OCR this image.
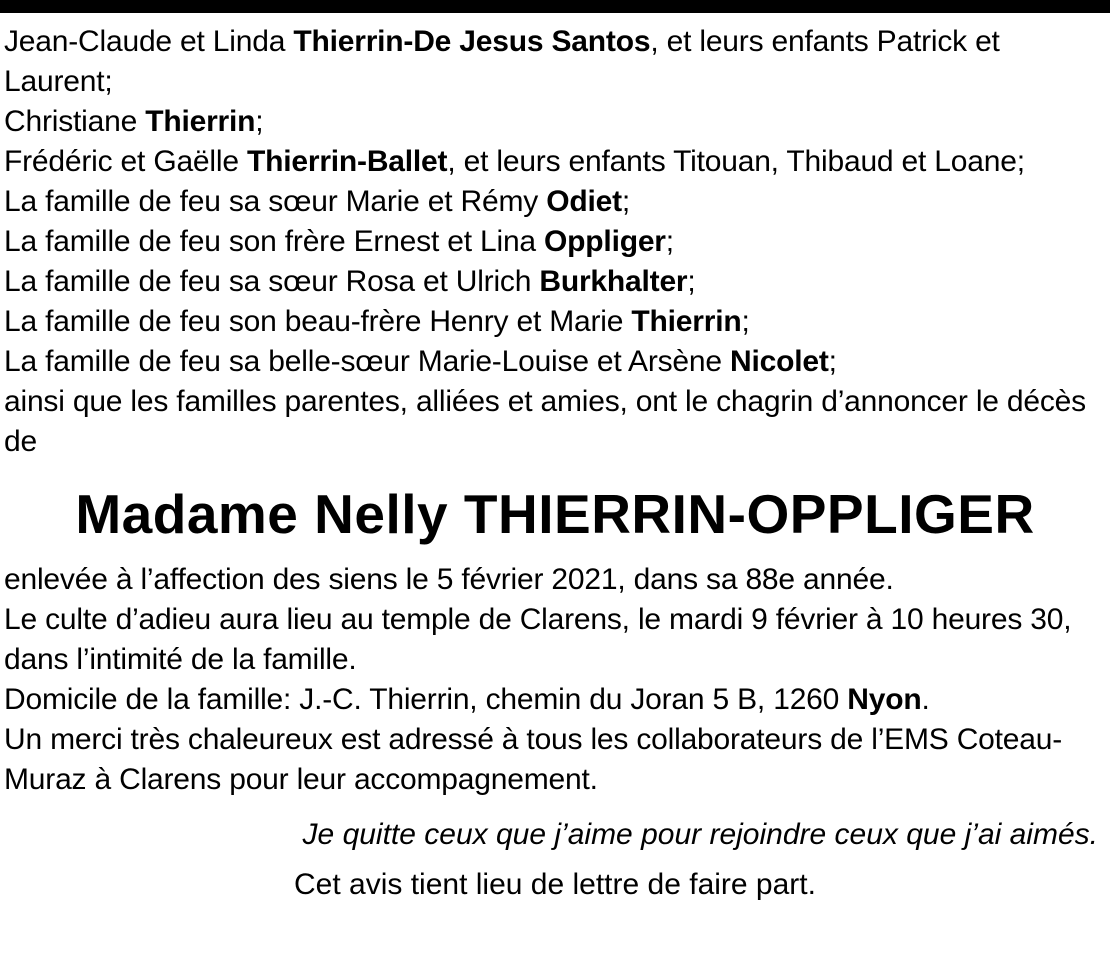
Jean-Claude et Linda Thierrin-De Jesus Santos, et leurs enfants Patrick et Laurent;
Christiane Thierrin;
Frédéric et Gaëlle Thierrin-Ballet, et leurs enfants Titouan, Thibaud et Loane;
La famille de feu sa sœur Marie et Rémy Odiet;
La famille de feu son frère Ernest et Lina Oppliger;
La famille de feu sa sœur Rosa et Ulrich Burkhalter;
La famille de feu son beau-frère Henry et Marie Thierrin;
La famille de feu sa belle-sœur Marie-Louise et Arsène Nicolet;
ainsi que les familles parentes, alliées et amies, ont le chagrin d’annoncer le décès de
Madame Nelly THIERRIN-OPPLIGER
enlevée à l’affection des siens le 5 février 2021, dans sa 88e année.
Le culte d’adieu aura lieu au temple de Clarens, le mardi 9 février à 10 heures 30, dans l’intimité de la famille.
Domicile de la famille: J.-C. Thierrin, chemin du Joran 5 B, 1260 Nyon.
Un merci très chaleureux est adressé à tous les collaborateurs de l’EMS Coteau-Muraz à Clarens pour leur accompagnement.
Je quitte ceux que j’aime pour rejoindre ceux que j’ai aimés.
Cet avis tient lieu de lettre de faire part.
